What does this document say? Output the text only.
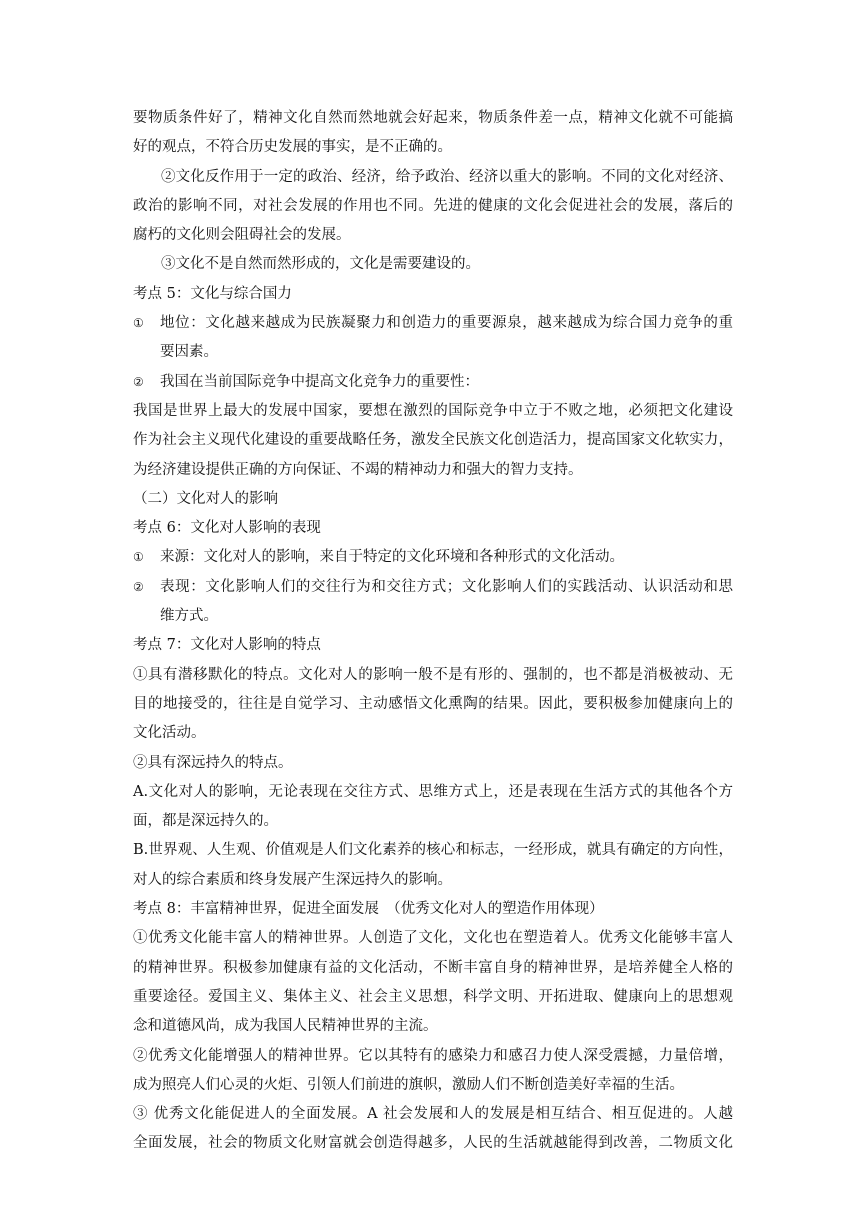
要物质条件好了，精神文化自然而然地就会好起来，物质条件差一点，精神文化就不可能搞
好的观点，不符合历史发展的事实，是不正确的。
②文化反作用于一定的政治、经济，给予政治、经济以重大的影响。不同的文化对经济、
政治的影响不同，对社会发展的作用也不同。先进的健康的文化会促进社会的发展，落后的
腐朽的文化则会阻碍社会的发展。
③文化不是自然而然形成的，文化是需要建设的。
考点 5：文化与综合国力
① 地位：文化越来越成为民族凝聚力和创造力的重要源泉，越来越成为综合国力竞争的重
要因素。
② 我国在当前国际竞争中提高文化竞争力的重要性：
我国是世界上最大的发展中国家，要想在激烈的国际竞争中立于不败之地，必须把文化建设
作为社会主义现代化建设的重要战略任务，激发全民族文化创造活力，提高国家文化软实力，
为经济建设提供正确的方向保证、不竭的精神动力和强大的智力支持。
（二）文化对人的影响
考点 6：文化对人影响的表现
① 来源：文化对人的影响，来自于特定的文化环境和各种形式的文化活动。
② 表现：文化影响人们的交往行为和交往方式；文化影响人们的实践活动、认识活动和思
维方式。
考点 7：文化对人影响的特点
①具有潜移默化的特点。文化对人的影响一般不是有形的、强制的，也不都是消极被动、无
目的地接受的，往往是自觉学习、主动感悟文化熏陶的结果。因此，要积极参加健康向上的
文化活动。
②具有深远持久的特点。
A.文化对人的影响，无论表现在交往方式、思维方式上，还是表现在生活方式的其他各个方
面，都是深远持久的。
B.世界观、人生观、价值观是人们文化素养的核心和标志，一经形成，就具有确定的方向性，
对人的综合素质和终身发展产生深远持久的影响。
考点 8：丰富精神世界，促进全面发展　（优秀文化对人的塑造作用体现）
①优秀文化能丰富人的精神世界。人创造了文化，文化也在塑造着人。优秀文化能够丰富人
的精神世界。积极参加健康有益的文化活动，不断丰富自身的精神世界，是培养健全人格的
重要途径。爱国主义、集体主义、社会主义思想，科学文明、开拓进取、健康向上的思想观
念和道德风尚，成为我国人民精神世界的主流。
②优秀文化能增强人的精神世界。它以其特有的感染力和感召力使人深受震撼，力量倍增，
成为照亮人们心灵的火炬、引领人们前进的旗帜，激励人们不断创造美好幸福的生活。
③ 优秀文化能促进人的全面发展。A 社会发展和人的发展是相互结合、相互促进的。人越
全面发展，社会的物质文化财富就会创造得越多，人民的生活就越能得到改善，二物质文化
